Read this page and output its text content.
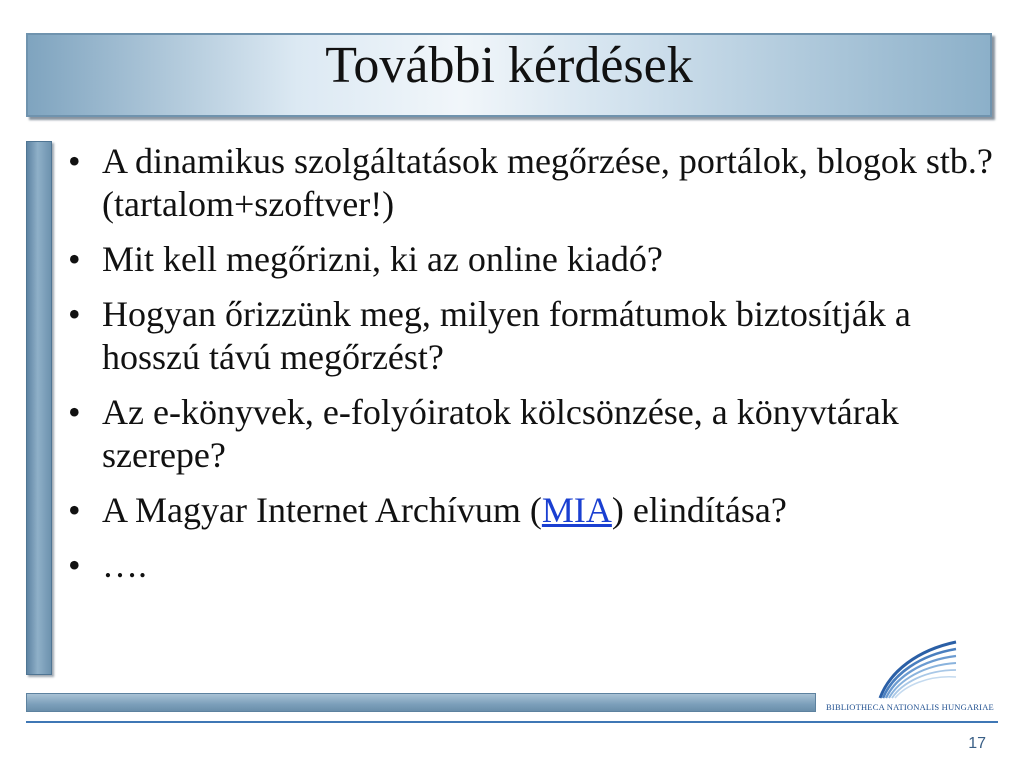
További kérdések
• A dinamikus szolgáltatások megőrzése, portálok, blogok stb.? (tartalom+szoftver!)
• Mit kell megőrizni, ki az online kiadó?
• Hogyan őrizzünk meg, milyen formátumok biztosítják a hosszú távú megőrzést?
• Az e-könyvek, e-folyóiratok kölcsönzése, a könyvtárak szerepe?
• A Magyar Internet Archívum (MIA) elindítása?
• ….
BIBLIOTHECA NATIONALIS HUNGARIAE
17
